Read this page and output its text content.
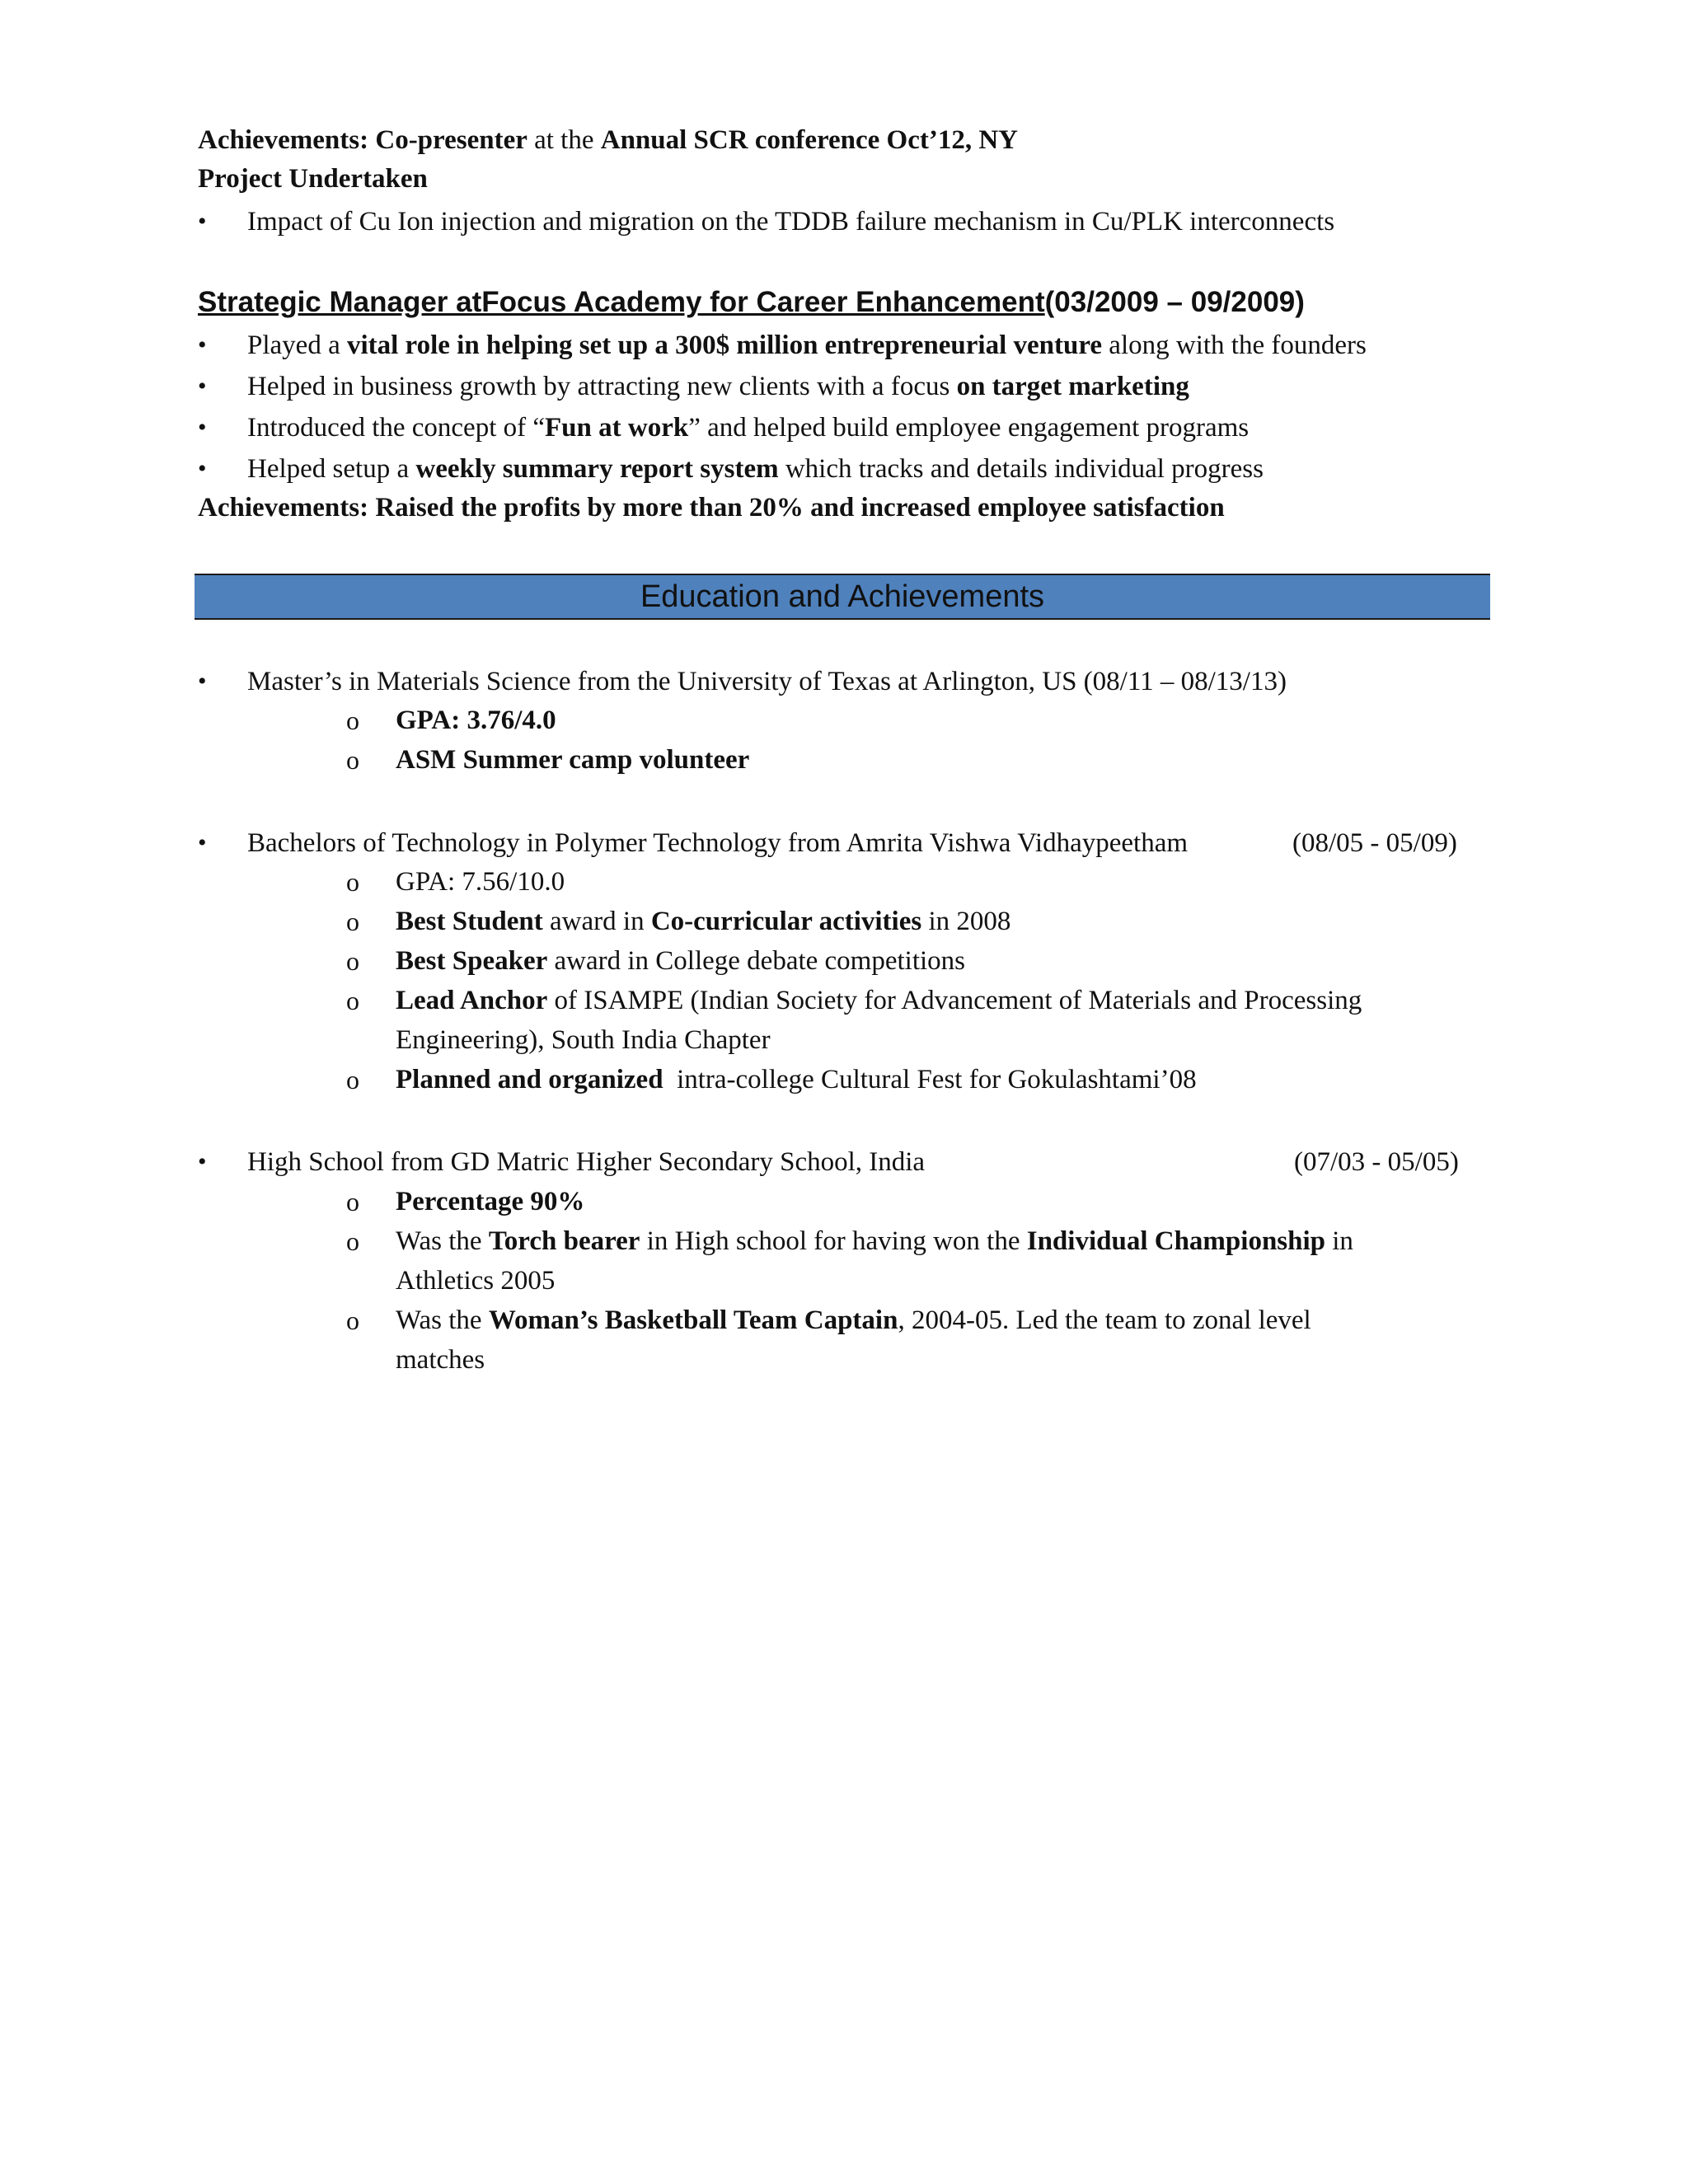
Achievements: Co-presenter at the Annual SCR conference Oct’12, NY
Project Undertaken
• Impact of Cu Ion injection and migration on the TDDB failure mechanism in Cu/PLK interconnects
Strategic Manager atFocus Academy for Career Enhancement(03/2009 – 09/2009)
• Played a vital role in helping set up a 300$ million entrepreneurial venture along with the founders
• Helped in business growth by attracting new clients with a focus on target marketing
• Introduced the concept of “Fun at work” and helped build employee engagement programs
• Helped setup a weekly summary report system which tracks and details individual progress
Achievements: Raised the profits by more than 20% and increased employee satisfaction
Education and Achievements
• Master’s in Materials Science from the University of Texas at Arlington, US (08/11 – 08/13/13)
o GPA: 3.76/4.0
o ASM Summer camp volunteer
• Bachelors of Technology in Polymer Technology from Amrita Vishwa Vidhaypeetham	(08/05 - 05/09)
o GPA: 7.56/10.0
o Best Student award in Co-curricular activities in 2008
o Best Speaker award in College debate competitions
o Lead Anchor of ISAMPE (Indian Society for Advancement of Materials and Processing
Engineering), South India Chapter
o Planned and organized  intra-college Cultural Fest for Gokulashtami’08
• High School from GD Matric Higher Secondary School, India	(07/03 - 05/05)
o Percentage 90%
o Was the Torch bearer in High school for having won the Individual Championship in
Athletics 2005
o Was the Woman’s Basketball Team Captain, 2004-05. Led the team to zonal level
matches
